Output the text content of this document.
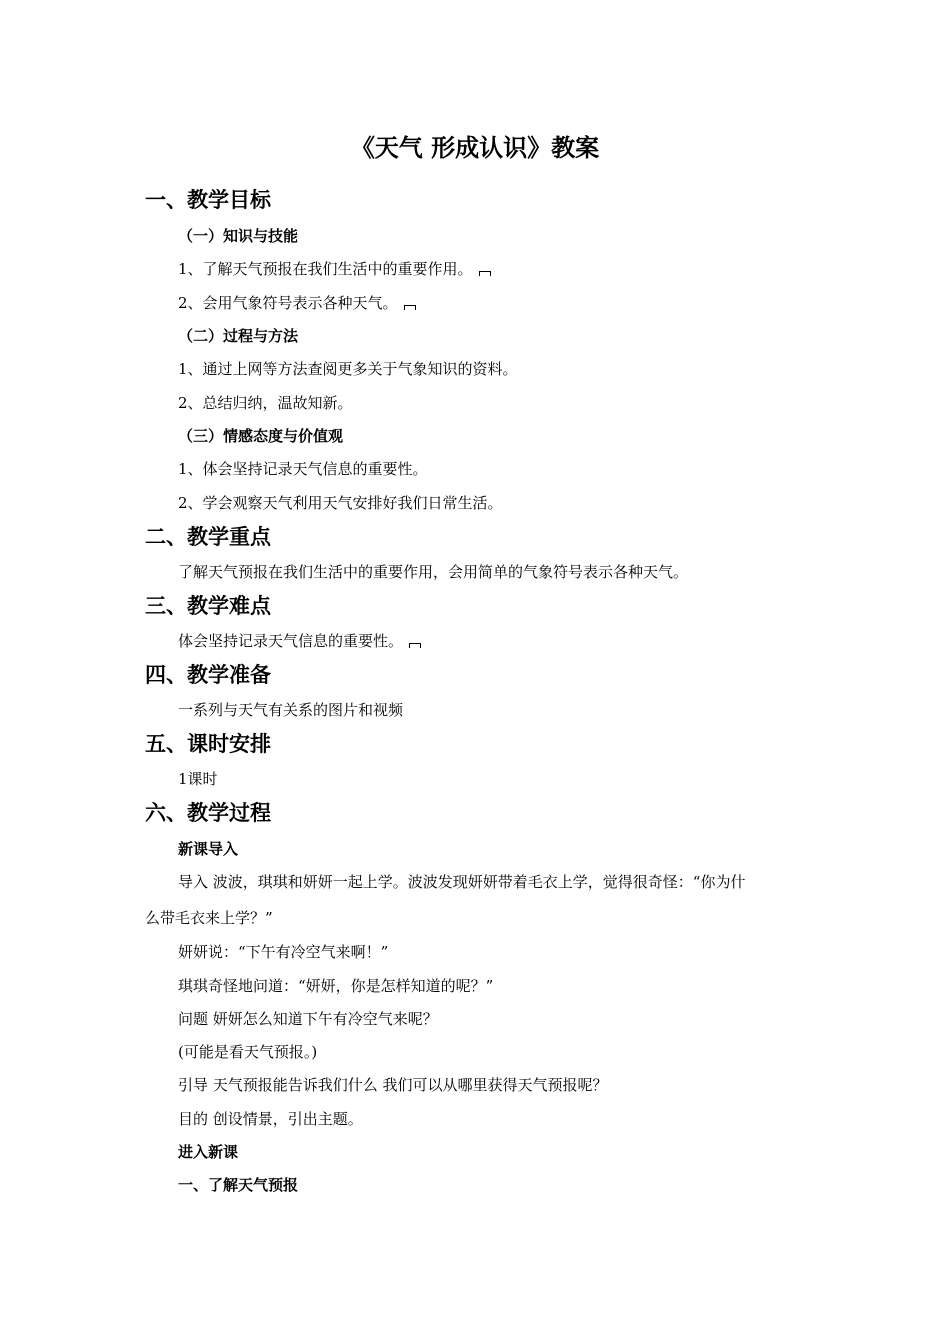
《天气 形成认识》教案
一、教学目标
（一）知识与技能
1、了解天气预报在我们生活中的重要作用。
2、会用气象符号表示各种天气。
（二）过程与方法
1、通过上网等方法查阅更多关于气象知识的资料。
2、总结归纳，温故知新。
（三）情感态度与价值观
1、体会坚持记录天气信息的重要性。
2、学会观察天气利用天气安排好我们日常生活。
二、教学重点
了解天气预报在我们生活中的重要作用，会用简单的气象符号表示各种天气。
三、教学难点
体会坚持记录天气信息的重要性。
四、教学准备
一系列与天气有关系的图片和视频
五、课时安排
1课时
六、教学过程
新课导入
导入 波波，琪琪和妍妍一起上学。波波发现妍妍带着毛衣上学，觉得很奇怪：“你为什
么带毛衣来上学？”
妍妍说：“下午有冷空气来啊！”
琪琪奇怪地问道：“妍妍，你是怎样知道的呢？”
问题 妍妍怎么知道下午有冷空气来呢？
(可能是看天气预报。)
引导 天气预报能告诉我们什么 我们可以从哪里获得天气预报呢？
目的 创设情景，引出主题。
进入新课
一、了解天气预报
